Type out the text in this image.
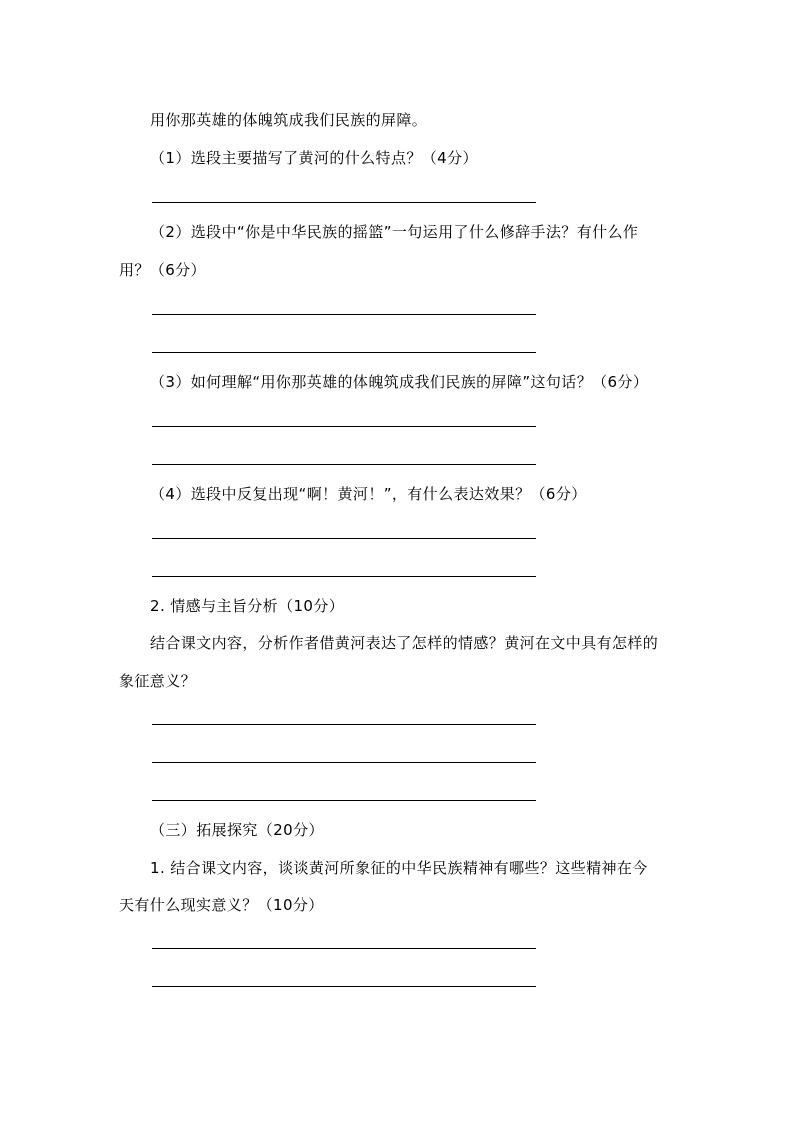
用你那英雄的体魄筑成我们民族的屏障。
（1）选段主要描写了黄河的什么特点？（4分）
（2）选段中“你是中华民族的摇篮”一句运用了什么修辞手法？有什么作
用？（6分）
（3）如何理解“用你那英雄的体魄筑成我们民族的屏障”这句话？（6分）
（4）选段中反复出现“啊！黄河！”，有什么表达效果？（6分）
2. 情感与主旨分析（10分）
结合课文内容，分析作者借黄河表达了怎样的情感？黄河在文中具有怎样的
象征意义？
（三）拓展探究（20分）
1. 结合课文内容，谈谈黄河所象征的中华民族精神有哪些？这些精神在今
天有什么现实意义？（10分）
